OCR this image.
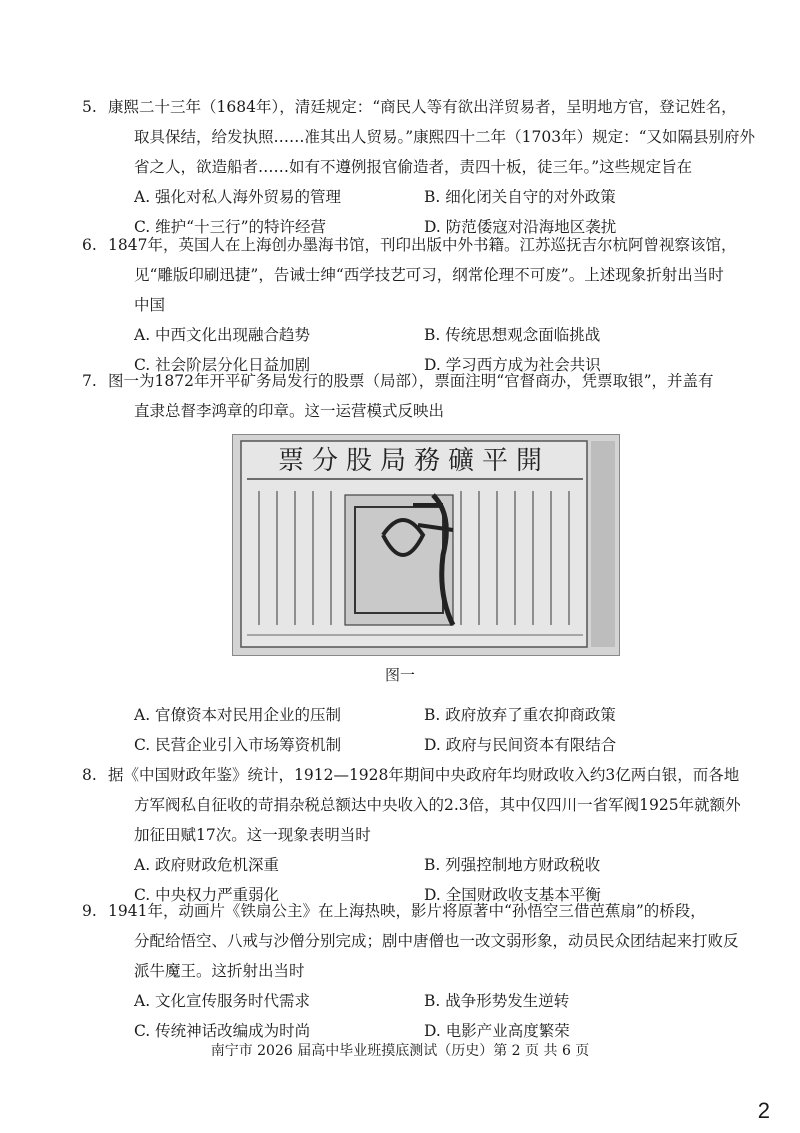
5. 康熙二十三年（1684年），清廷规定：“商民人等有欲出洋贸易者，呈明地方官，登记姓名，
取具保结，给发执照……准其出人贸易。”康熙四十二年（1703年）规定：“又如隔县别府外
省之人，欲造船者……如有不遵例报官偷造者，责四十板，徒三年。”这些规定旨在

A. 强化对私人海外贸易的管理	B. 细化闭关自守的对外政策
C. 维护“十三行”的特许经营	D. 防范倭寇对沿海地区袭扰

6. 1847年，英国人在上海创办墨海书馆，刊印出版中外书籍。江苏巡抚吉尔杭阿曾视察该馆，
见“雕版印刷迅捷”，告诫士绅“西学技艺可习，纲常伦理不可废”。上述现象折射出当时
中国

A. 中西文化出现融合趋势	B. 传统思想观念面临挑战
C. 社会阶层分化日益加剧	D. 学习西方成为社会共识

7. 图一为1872年开平矿务局发行的股票（局部），票面注明“官督商办，凭票取银”，并盖有
直隶总督李鸿章的印章。这一运营模式反映出

票分股局務礦平開
图一
A. 官僚资本对民用企业的压制	B. 政府放弃了重农抑商政策
C. 民营企业引入市场筹资机制	D. 政府与民间资本有限结合

8. 据《中国财政年鉴》统计，1912—1928年期间中央政府年均财政收入约3亿两白银，而各地
方军阀私自征收的苛捐杂税总额达中央收入的2.3倍，其中仅四川一省军阀1925年就额外
加征田赋17次。这一现象表明当时

A. 政府财政危机深重	B. 列强控制地方财政税收
C. 中央权力严重弱化	D. 全国财政收支基本平衡

9. 1941年，动画片《铁扇公主》在上海热映，影片将原著中“孙悟空三借芭蕉扇”的桥段，
分配给悟空、八戒与沙僧分别完成；剧中唐僧也一改文弱形象，动员民众团结起来打败反
派牛魔王。这折射出当时

A. 文化宣传服务时代需求	B. 战争形势发生逆转
C. 传统神话改编成为时尚	D. 电影产业高度繁荣
南宁市 2026 届高中毕业班摸底测试（历史）第 2 页 共 6 页
2
